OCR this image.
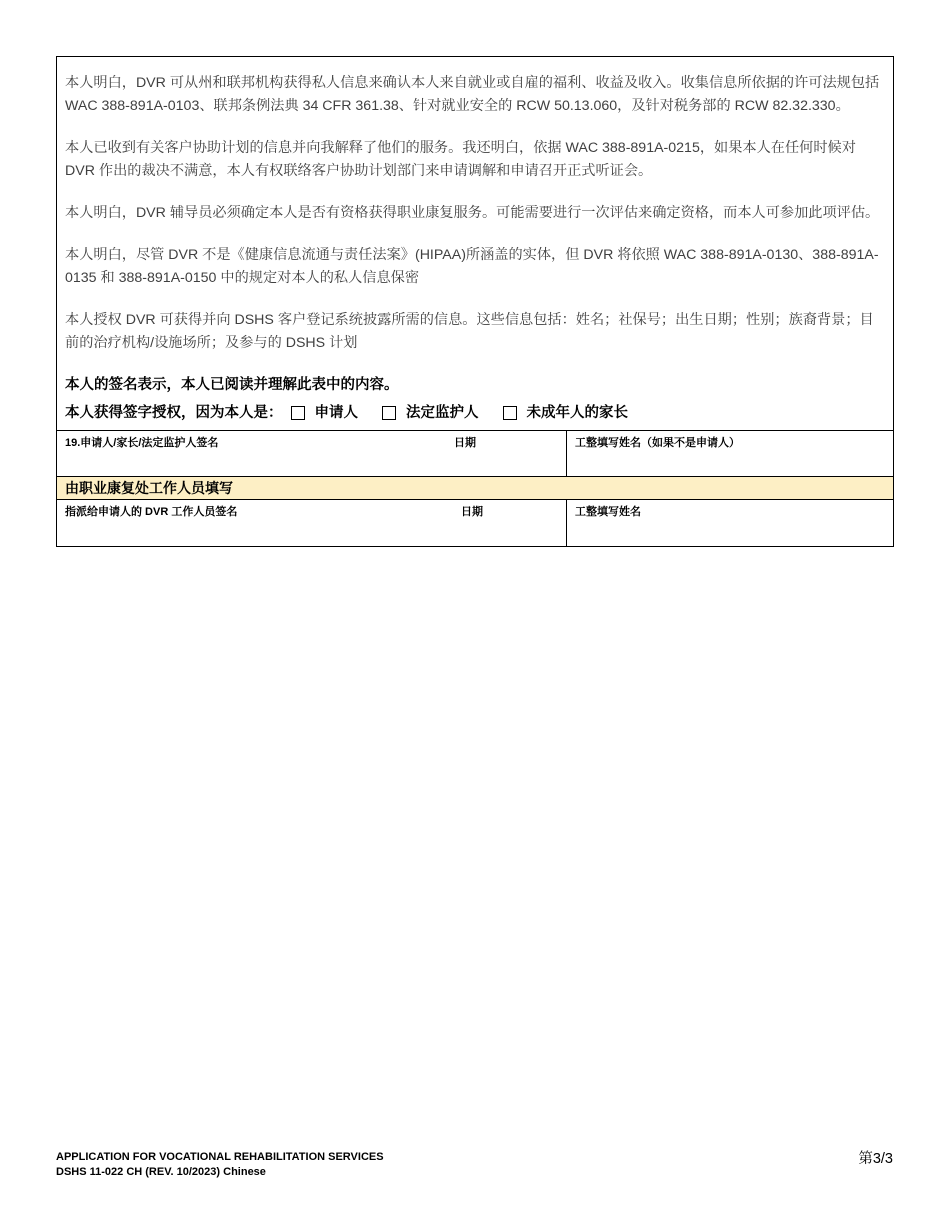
本人明白，DVR 可从州和联邦机构获得私人信息来确认本人来自就业或自雇的福利、收益及收入。收集信息所依据的许可法规包括 WAC 388-891A-0103、联邦条例法典 34 CFR 361.38、针对就业安全的 RCW 50.13.060，及针对税务部的 RCW 82.32.330。

本人已收到有关客户协助计划的信息并向我解释了他们的服务。我还明白，依据 WAC 388-891A-0215，如果本人在任何时候对 DVR 作出的裁决不满意，本人有权联络客户协助计划部门来申请调解和申请召开正式听证会。

本人明白，DVR 辅导员必须确定本人是否有资格获得职业康复服务。可能需要进行一次评估来确定资格，而本人可参加此项评估。

本人明白，尽管 DVR 不是《健康信息流通与责任法案》(HIPAA)所涵盖的实体，但 DVR 将依照 WAC 388-891A-0130、388-891A-0135 和 388-891A-0150 中的规定对本人的私人信息保密

本人授权 DVR 可获得并向 DSHS 客户登记系统披露所需的信息。这些信息包括：姓名；社保号；出生日期；性别；族裔背景；目前的治疗机构/设施场所；及参与的 DSHS 计划

本人的签名表示，本人已阅读并理解此表中的内容。
本人获得签字授权，因为本人是： 申请人	法定监护人	未成年人的家长
19.申请人/家长/法定监护人签名	日期	工整填写姓名（如果不是申请人）
由职业康复处工作人员填写
指派给申请人的 DVR 工作人员签名	日期	工整填写姓名
APPLICATION FOR VOCATIONAL REHABILITATION SERVICES
DSHS 11-022 CH (REV. 10/2023) Chinese
第3/3
